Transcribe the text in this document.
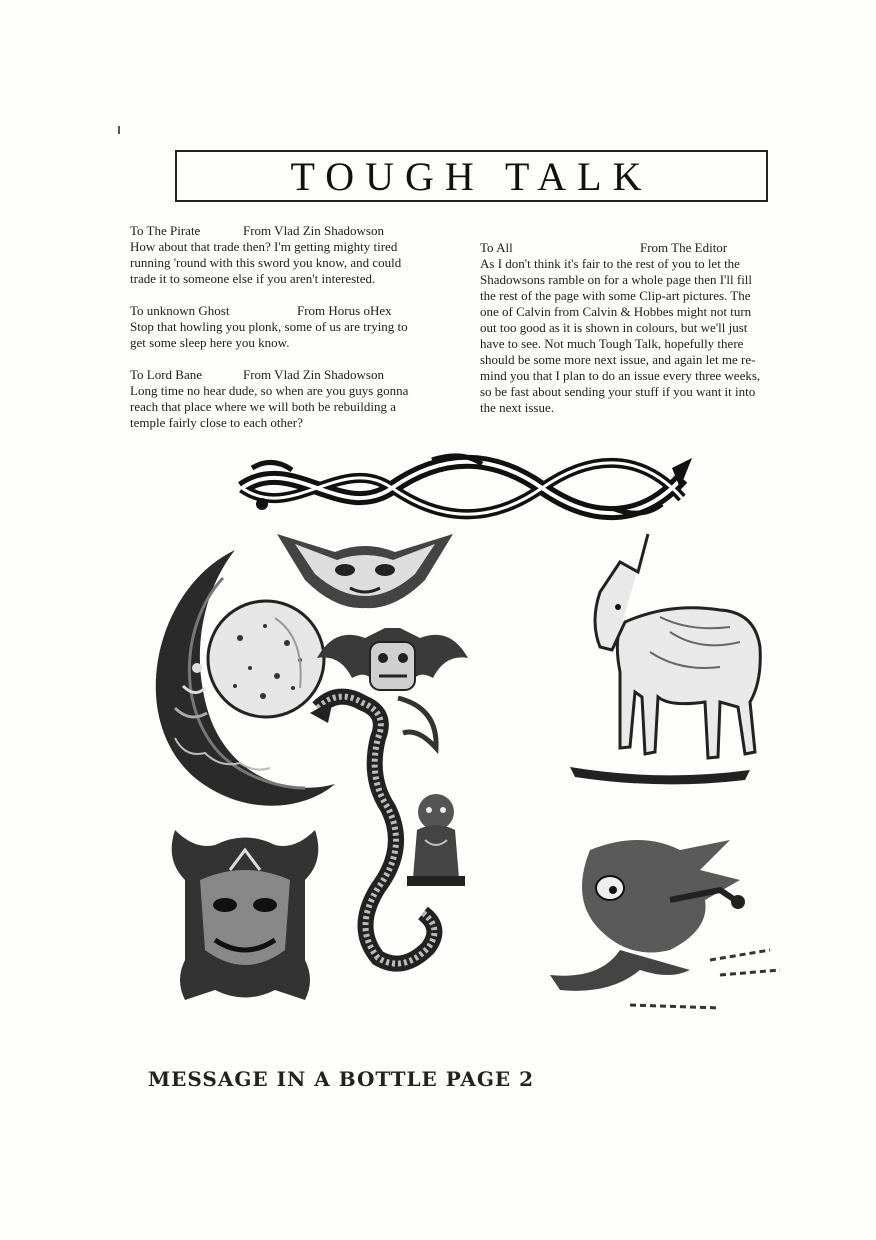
TOUGH TALK
To The Pirate	From Vlad Zin Shadowson
How about that trade then? I'm getting mighty tired
running 'round with this sword you know, and could
trade it to someone else if you aren't interested.
To unknown Ghost	From Horus oHex
Stop that howling you plonk, some of us are trying to
get some sleep here you know.
To Lord Bane	From Vlad Zin Shadowson
Long time no hear dude, so when are you guys gonna
reach that place where we will both be rebuilding a
temple fairly close to each other?
To All	From The Editor
As I don't think it's fair to the rest of you to let the
Shadowsons ramble on for a whole page then I'll fill
the rest of the page with some Clip-art pictures. The
one of Calvin from Calvin & Hobbes might not turn
out too good as it is shown in colours, but we'll just
have to see. Not much Tough Talk, hopefully there
should be some more next issue, and again let me re-
mind you that I plan to do an issue every three weeks,
so be fast about sending your stuff if you want it into
the next issue.
MESSAGE IN A BOTTLE PAGE 2
